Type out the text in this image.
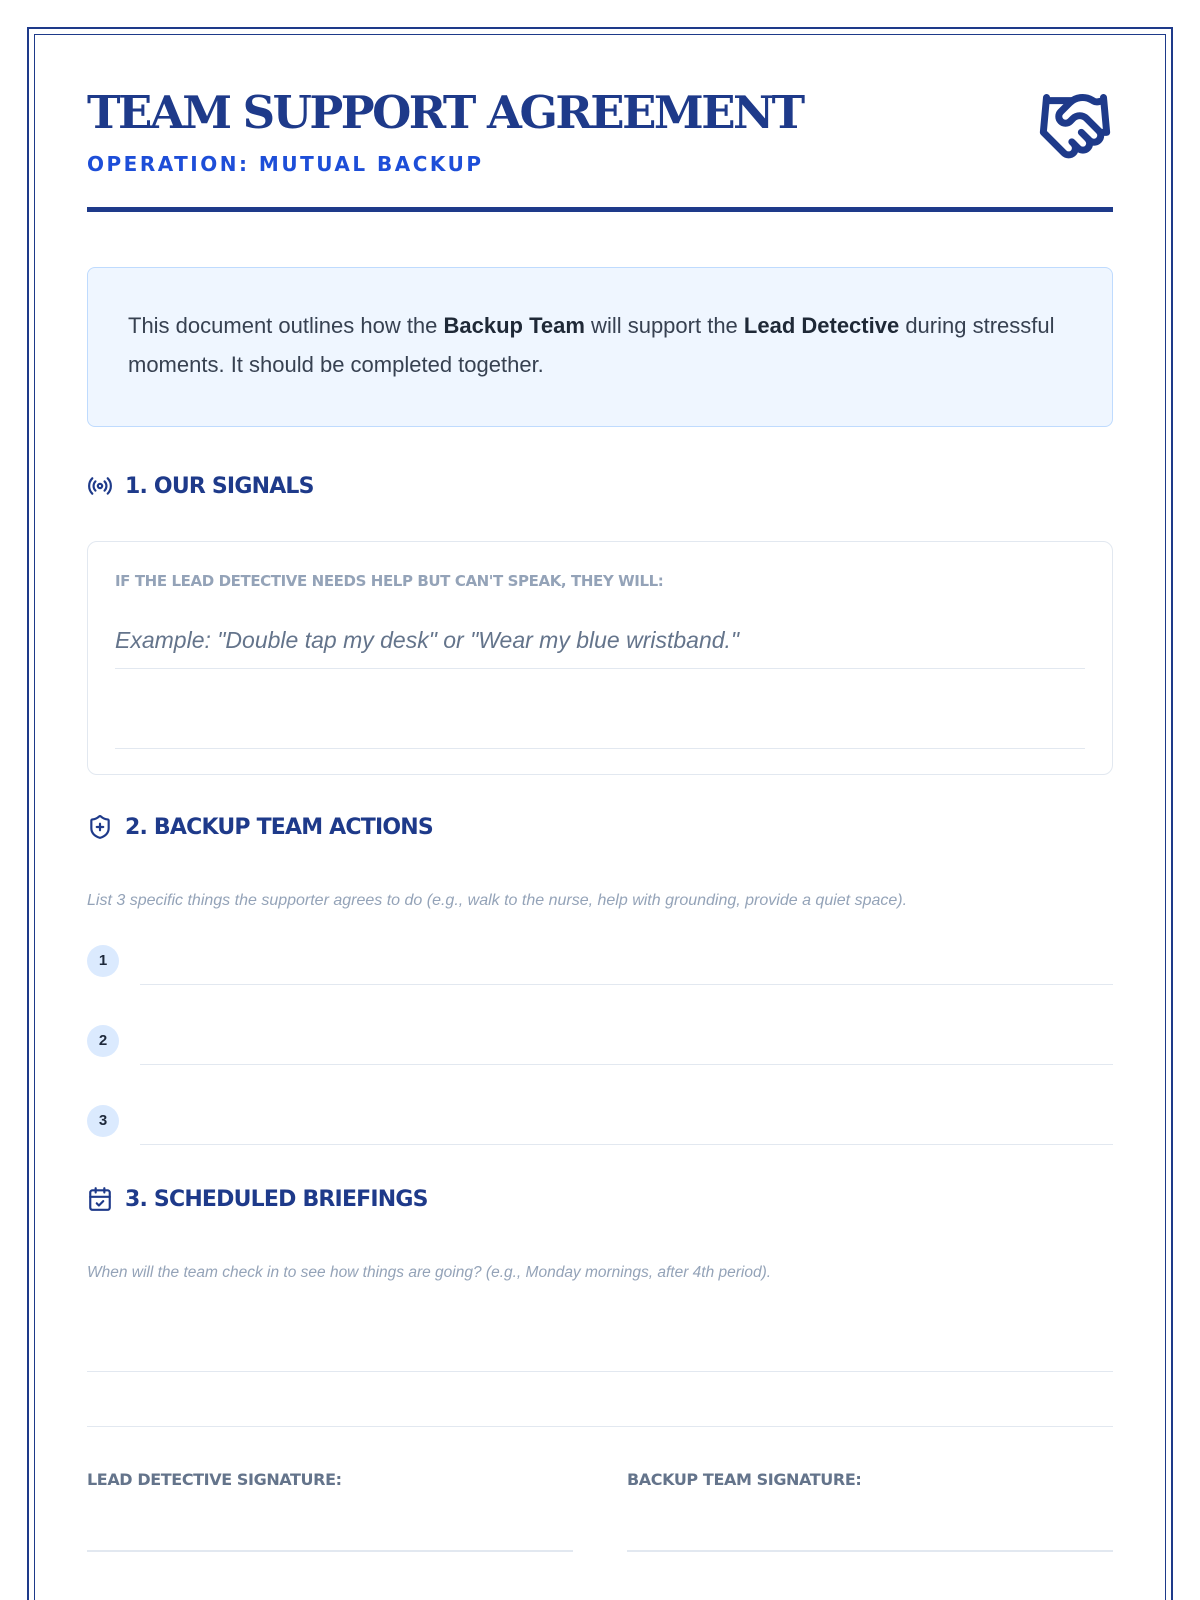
TEAM SUPPORT AGREEMENT
OPERATION: MUTUAL BACKUP
This document outlines how the Backup Team will support the Lead Detective during stressful moments. It should be completed together.
1. OUR SIGNALS
IF THE LEAD DETECTIVE NEEDS HELP BUT CAN'T SPEAK, THEY WILL:
Example: "Double tap my desk" or "Wear my blue wristband."
2. BACKUP TEAM ACTIONS
List 3 specific things the supporter agrees to do (e.g., walk to the nurse, help with grounding, provide a quiet space).
1
2
3
3. SCHEDULED BRIEFINGS
When will the team check in to see how things are going? (e.g., Monday mornings, after 4th period).
LEAD DETECTIVE SIGNATURE:	BACKUP TEAM SIGNATURE:
